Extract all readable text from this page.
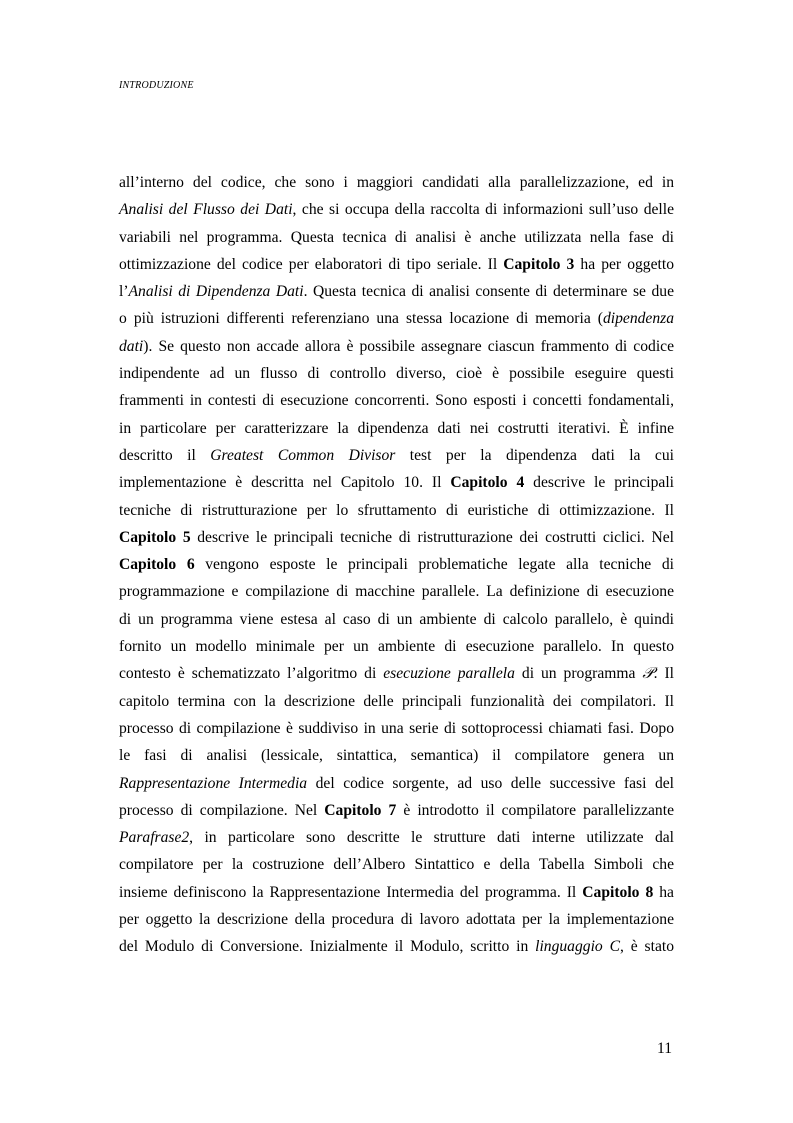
INTRODUZIONE
all’interno del codice, che sono i maggiori candidati alla parallelizzazione, ed in
Analisi del Flusso dei Dati, che si occupa della raccolta di informazioni sull’uso delle
variabili nel programma. Questa tecnica di analisi è anche utilizzata nella fase di
ottimizzazione del codice per elaboratori di tipo seriale. Il Capitolo 3 ha per oggetto
l’Analisi di Dipendenza Dati. Questa tecnica di analisi consente di determinare se due
o più istruzioni differenti referenziano una stessa locazione di memoria (dipendenza
dati). Se questo non accade allora è possibile assegnare ciascun frammento di codice
indipendente ad un flusso di controllo diverso, cioè è possibile eseguire questi
frammenti in contesti di esecuzione concorrenti. Sono esposti i concetti fondamentali,
in particolare per caratterizzare la dipendenza dati nei costrutti iterativi. È infine
descritto il Greatest Common Divisor test per la dipendenza dati la cui
implementazione è descritta nel Capitolo 10. Il Capitolo 4 descrive le principali
tecniche di ristrutturazione per lo sfruttamento di euristiche di ottimizzazione. Il
Capitolo 5 descrive le principali tecniche di ristrutturazione dei costrutti ciclici. Nel
Capitolo 6 vengono esposte le principali problematiche legate alla tecniche di
programmazione e compilazione di macchine parallele. La definizione di esecuzione
di un programma viene estesa al caso di un ambiente di calcolo parallelo, è quindi
fornito un modello minimale per un ambiente di esecuzione parallelo. In questo
contesto è schematizzato l’algoritmo di esecuzione parallela di un programma 𝒫. Il
capitolo termina con la descrizione delle principali funzionalità dei compilatori. Il
processo di compilazione è suddiviso in una serie di sottoprocessi chiamati fasi. Dopo
le fasi di analisi (lessicale, sintattica, semantica) il compilatore genera un
Rappresentazione Intermedia del codice sorgente, ad uso delle successive fasi del
processo di compilazione. Nel Capitolo 7 è introdotto il compilatore parallelizzante
Parafrase2, in particolare sono descritte le strutture dati interne utilizzate dal
compilatore per la costruzione dell’Albero Sintattico e della Tabella Simboli che
insieme definiscono la Rappresentazione Intermedia del programma. Il Capitolo 8 ha
per oggetto la descrizione della procedura di lavoro adottata per la implementazione
del Modulo di Conversione. Inizialmente il Modulo, scritto in linguaggio C, è stato
11
